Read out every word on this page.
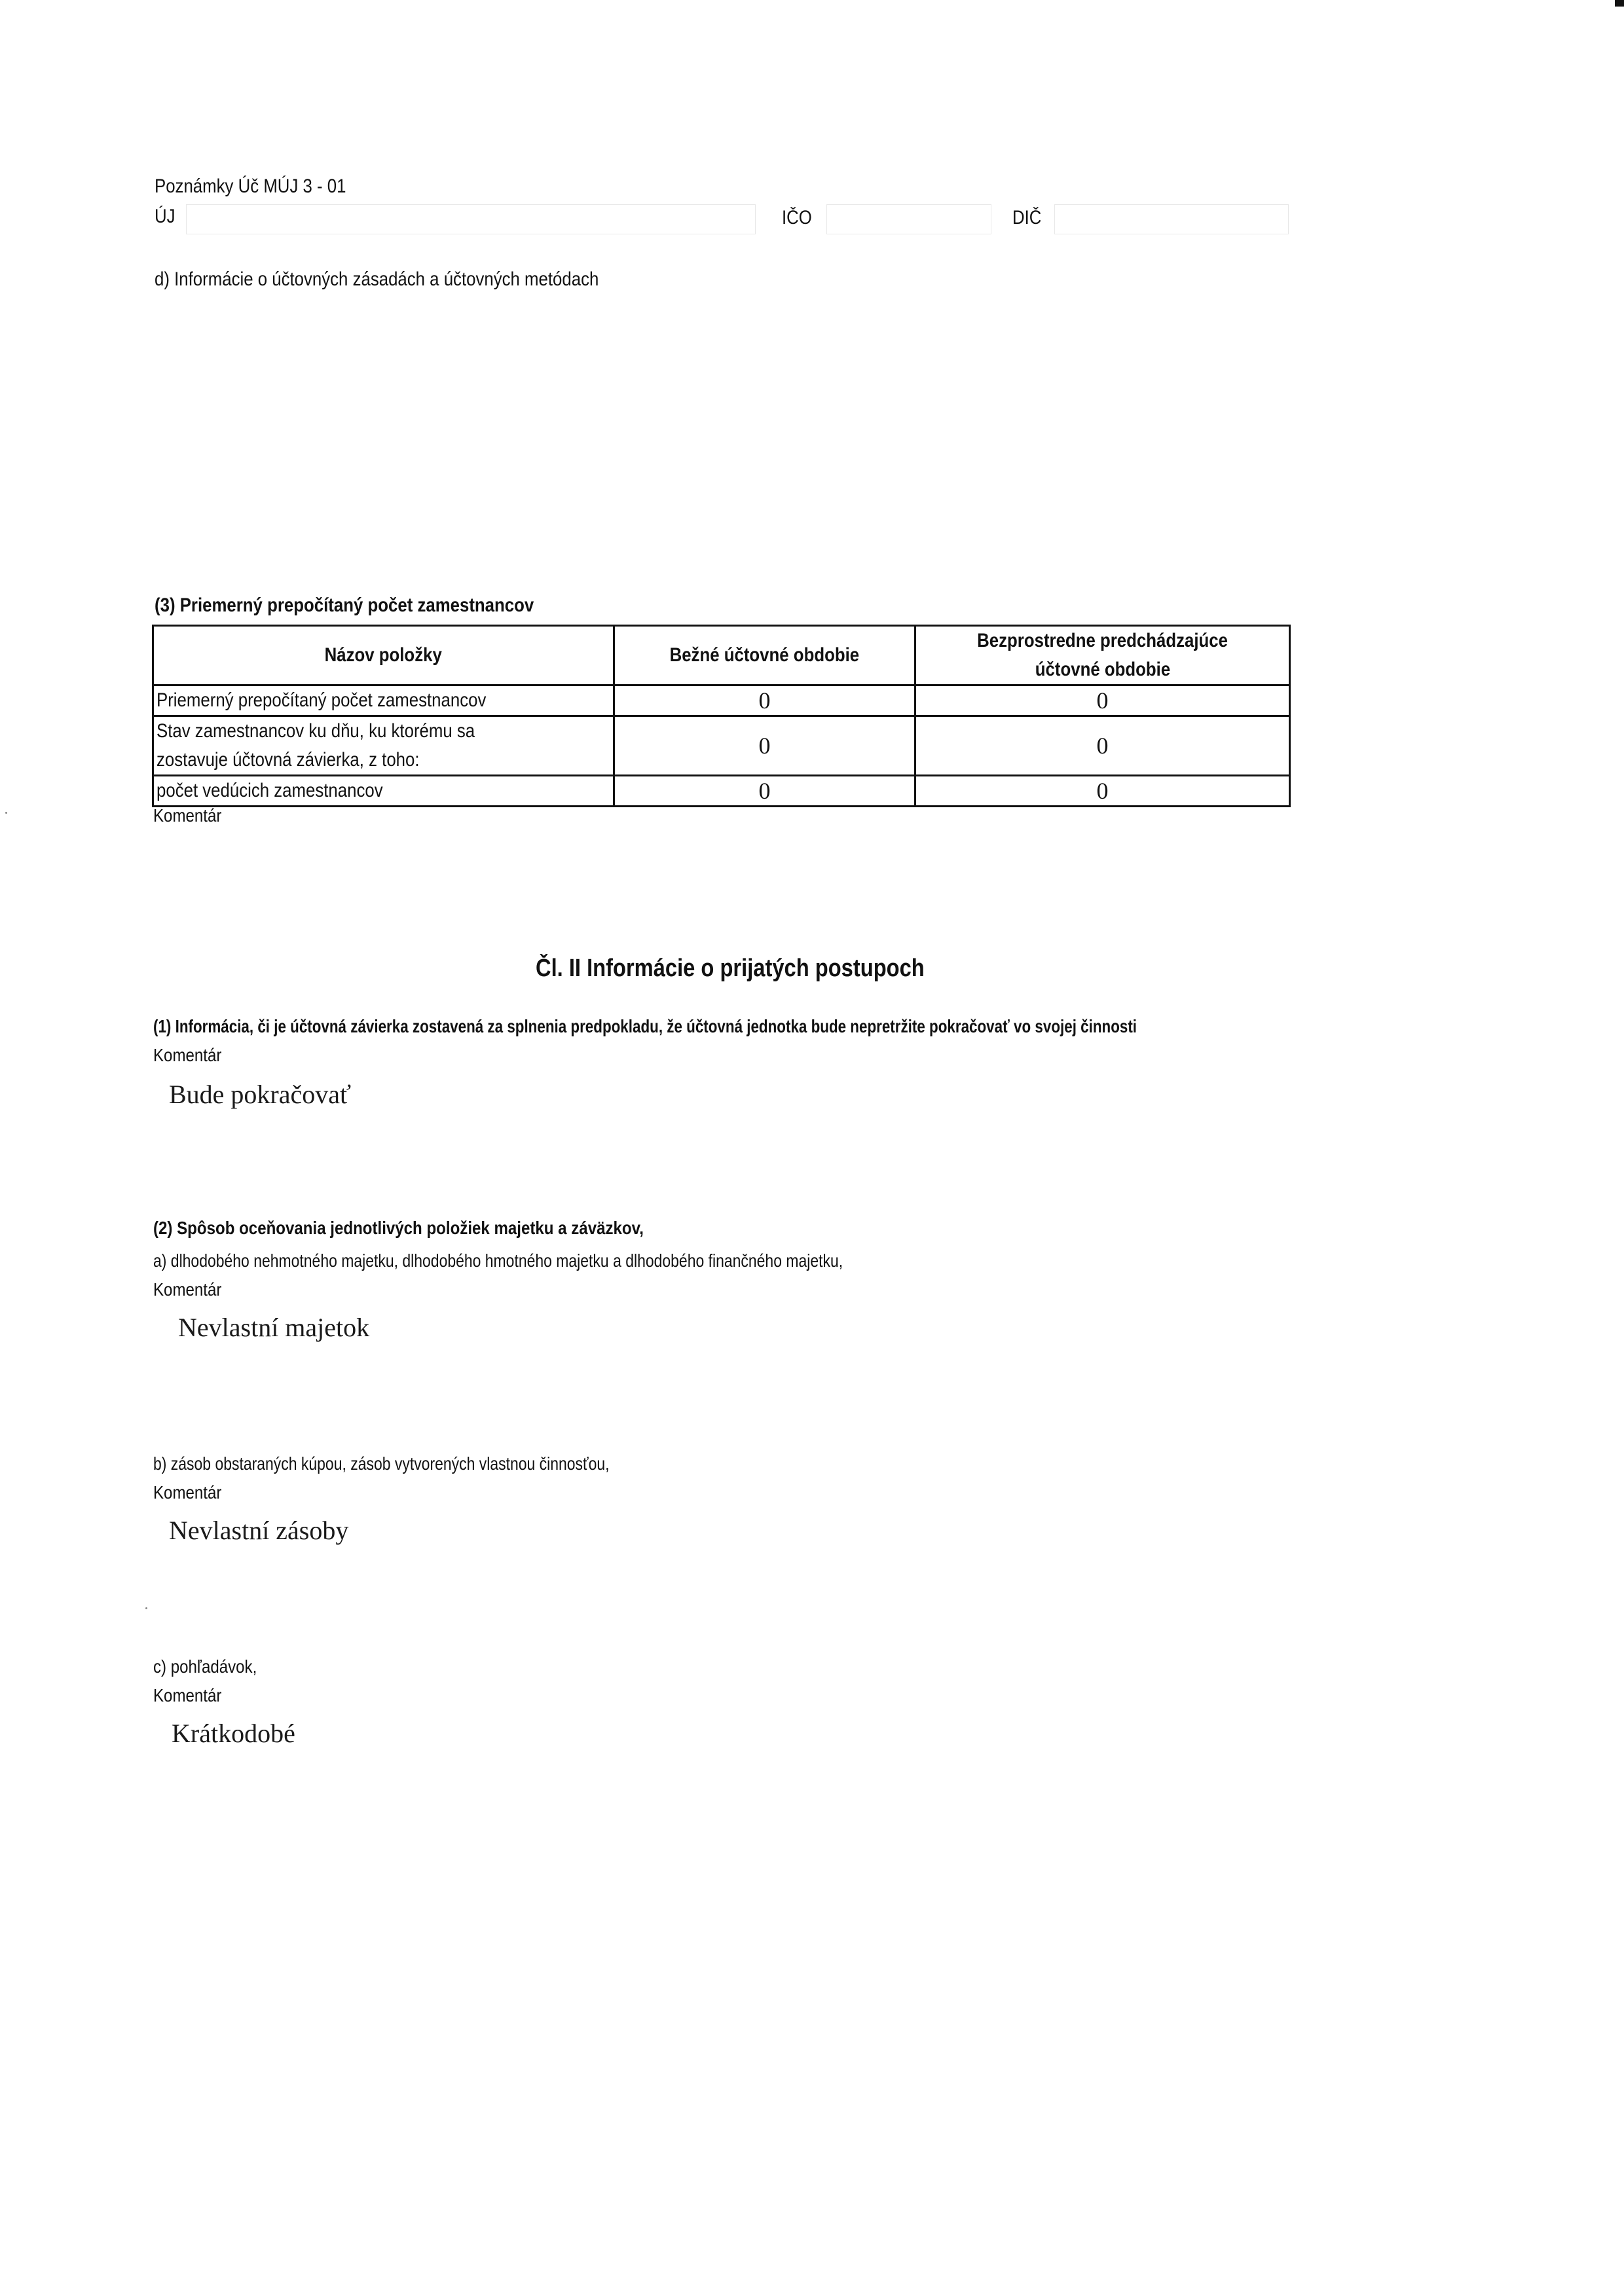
Poznámky Úč MÚJ 3 - 01
ÚJ	IČO	DIČ
d) Informácie o účtovných zásadách a účtovných metódach
(3) Priemerný prepočítaný počet zamestnancov
Názov položky	Bežné účtovné obdobie	Bezprostredne predchádzajúce
účtovné obdobie
Priemerný prepočítaný počet zamestnancov	0	0
Stav zamestnancov ku dňu, ku ktorému sa
zostavuje účtovná závierka, z toho:	0	0
počet vedúcich zamestnancov	0	0
Komentár
Čl. II Informácie o prijatých postupoch
(1) Informácia, či je účtovná závierka zostavená za splnenia predpokladu, že účtovná jednotka bude nepretržite pokračovať vo svojej činnosti
Komentár
Bude pokračovať
(2) Spôsob oceňovania jednotlivých položiek majetku a záväzkov,
a) dlhodobého nehmotného majetku, dlhodobého hmotného majetku a dlhodobého finančného majetku,
Komentár
Nevlastní majetok
b) zásob obstaraných kúpou, zásob vytvorených vlastnou činnosťou,
Komentár
Nevlastní zásoby
c) pohľadávok,
Komentár
Krátkodobé
